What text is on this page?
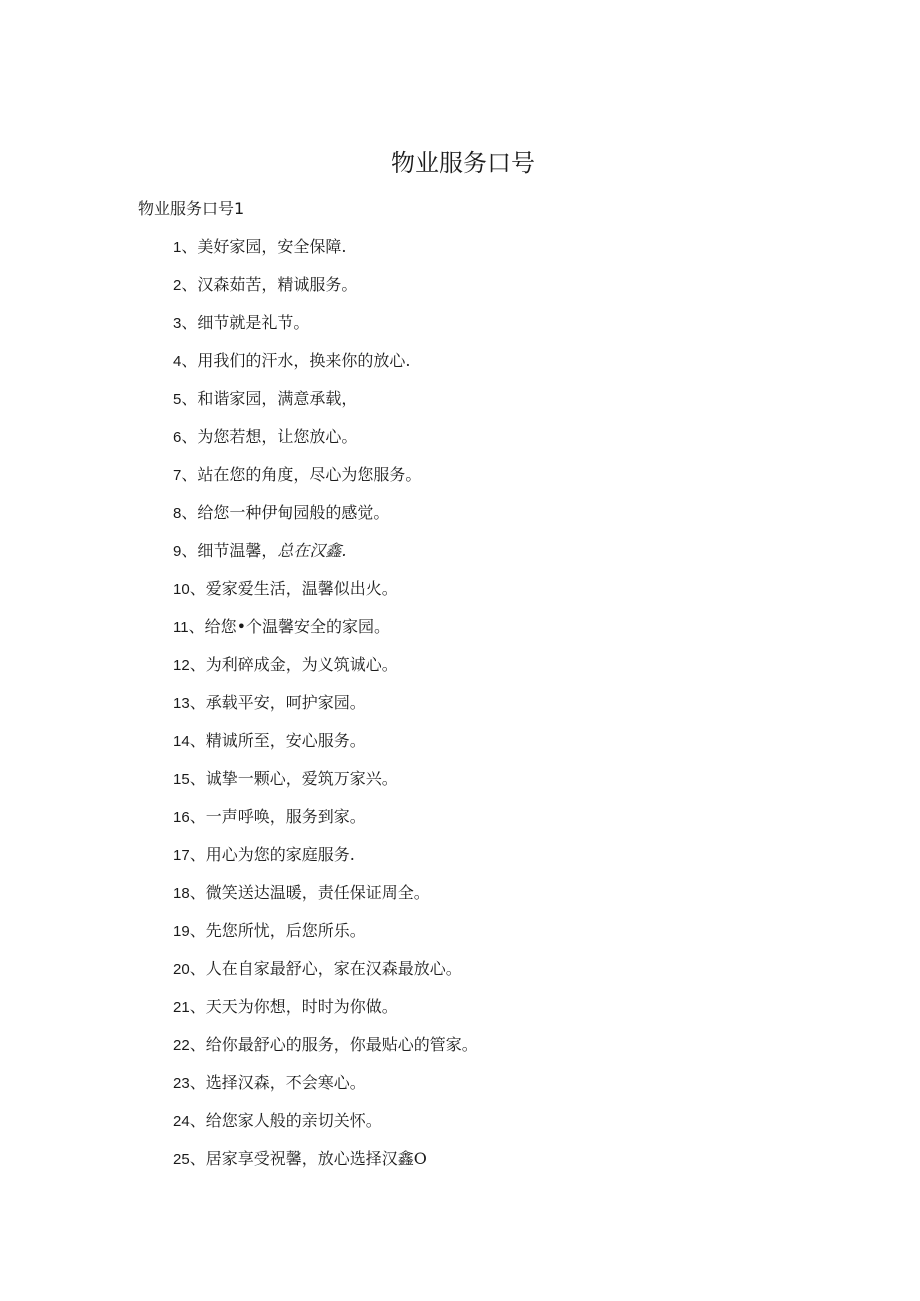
物业服务口号

物业服务口号1

1、美好家园，安全保障.
2、汉森茹苦，精诚服务。
3、细节就是礼节。
4、用我们的汗水，换来你的放心.
5、和谐家园，满意承载，
6、为您若想，让您放心。
7、站在您的角度，尽心为您服务。
8、给您一种伊甸园般的感觉。
9、细节温馨，总在汉鑫.
10、爱家爱生活，温馨似出火。
11、给您•个温馨安全的家园。
12、为利碎成金，为义筑诚心。
13、承载平安，呵护家园。
14、精诚所至，安心服务。
15、诚挚一颗心，爱筑万家兴。
16、一声呼唤，服务到家。
17、用心为您的家庭服务.
18、微笑送达温暖，责任保证周全。
19、先您所忧，后您所乐。
20、人在自家最舒心，家在汉森最放心。
21、天天为你想，时时为你做。
22、给你最舒心的服务，你最贴心的管家。
23、选择汉森，不会寒心。
24、给您家人般的亲切关怀。
25、居家享受祝馨，放心选择汉鑫O
